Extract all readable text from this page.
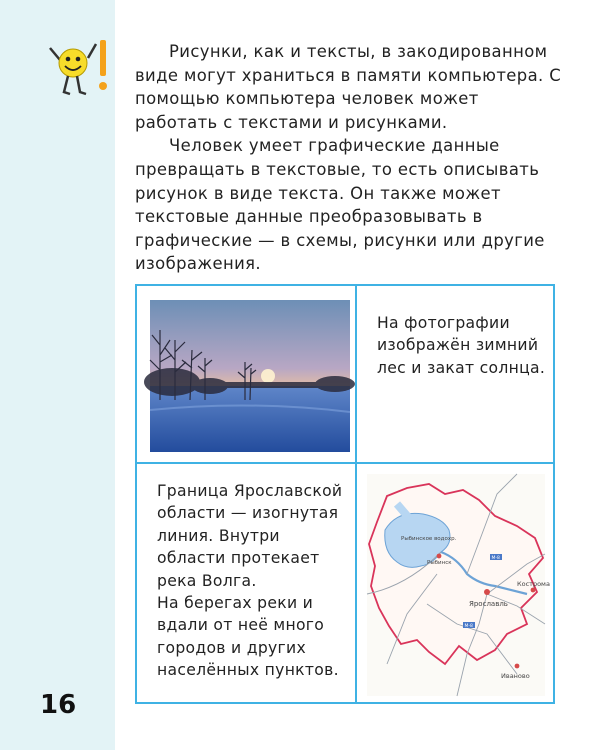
Рисунки, как и тексты, в закодированном виде могут храниться в памяти компьютера. С помощью компьютера человек может работать с текстами и рисунками.

Человек умеет графические данные превращать в текстовые, то есть описывать рисунок в виде текста. Он также может текстовые данные преобразовывать в графические — в схемы, рисунки или другие изображения.

На фотографии изображён зимний лес и закат солнца.
Граница Ярославской области — изогнутая линия. Внутри области протекает река Волга.
На берегах реки и вдали от неё много городов и других населённых пунктов.
Рыбинское водохр.
Рыбинск
Ярославль
Кострома
Иваново
М-8
М-8
16
